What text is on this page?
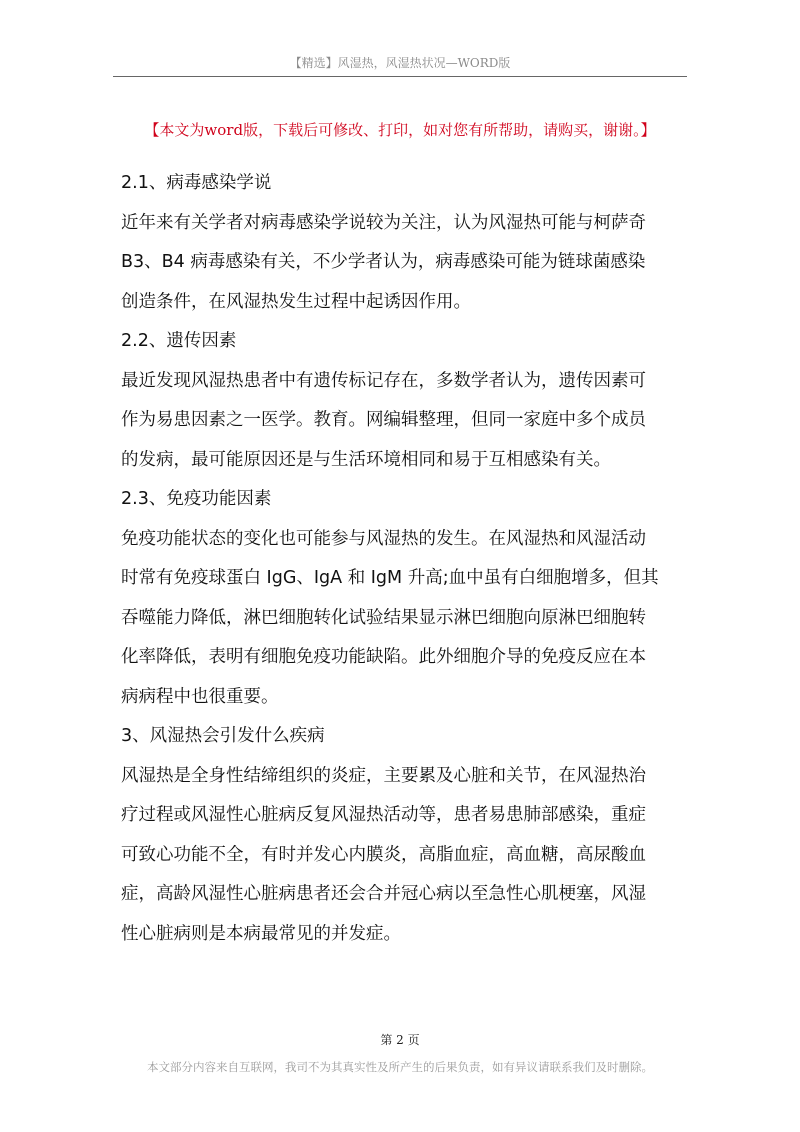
【精选】风湿热，风湿热状况—WORD版
【本文为word版，下载后可修改、打印，如对您有所帮助，请购买，谢谢。】
2.1、病毒感染学说
近年来有关学者对病毒感染学说较为关注，认为风湿热可能与柯萨奇
B3、B4 病毒感染有关，不少学者认为，病毒感染可能为链球菌感染
创造条件，在风湿热发生过程中起诱因作用。
2.2、遗传因素
最近发现风湿热患者中有遗传标记存在，多数学者认为，遗传因素可
作为易患因素之一医学。教育。网编辑整理，但同一家庭中多个成员
的发病，最可能原因还是与生活环境相同和易于互相感染有关。
2.3、免疫功能因素
免疫功能状态的变化也可能参与风湿热的发生。在风湿热和风湿活动
时常有免疫球蛋白 IgG、IgA 和 IgM 升高;血中虽有白细胞增多，但其
吞噬能力降低，淋巴细胞转化试验结果显示淋巴细胞向原淋巴细胞转
化率降低，表明有细胞免疫功能缺陷。此外细胞介导的免疫反应在本
病病程中也很重要。
3、风湿热会引发什么疾病
风湿热是全身性结缔组织的炎症，主要累及心脏和关节，在风湿热治
疗过程或风湿性心脏病反复风湿热活动等，患者易患肺部感染，重症
可致心功能不全，有时并发心内膜炎，高脂血症，高血糖，高尿酸血
症，高龄风湿性心脏病患者还会合并冠心病以至急性心肌梗塞，风湿
性心脏病则是本病最常见的并发症。
第 2 页
本文部分内容来自互联网，我司不为其真实性及所产生的后果负责，如有异议请联系我们及时删除。
